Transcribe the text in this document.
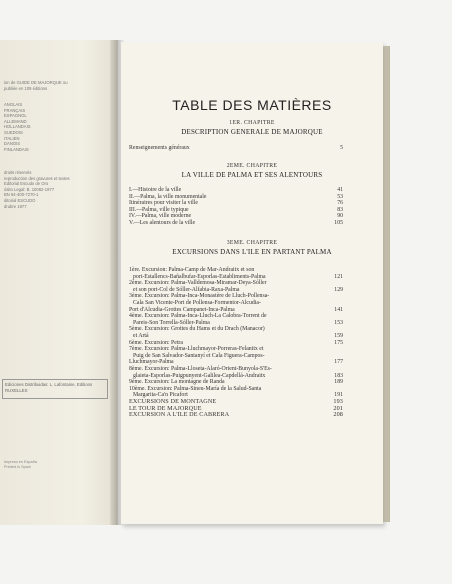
ion de GUIDE DE MAJORQUE ou
publiée en 109 éditions
ANGLAIS
FRANÇAIS
ESPAGNOL
ALLEMAND
HOLLANDAIS
SUEDOIS
ITALIEN
DANOIS
FINLANDAIS
droits réservés
reproduction des gravures et textes
Editorial Escudo de Oro
ósito Legal: B. 10082-1977
BN 84-400-7270-1
ditorial ESCUDO
drubre 1977
Ediciones Distribuidas: L. Lafontaine, Editions
RUXELLES
Impreso en España
Printed in Spain
TABLE DES MATIÈRES
1ER. CHAPITRE
DESCRIPTION GENERALE DE MAJORQUE
Renseignements généraux	5
2EME. CHAPITRE
LA VILLE DE PALMA ET SES ALENTOURS
I.—Histoire de la ville	41
II.—Palma, la ville monumentale	53
Itinéraires pour visiter la ville	76
III.—Palma, ville typique	83
IV.—Palma, ville moderne	90
V.—Les alentours de la ville	105
3EME. CHAPITRE
EXCURSIONS DANS L'ILE EN PARTANT PALMA
1ère. Excursion: Palma-Camp de Mar-Andraitx et son
port-Estallencs-Bañalbufar-Esporlas-Establiments-Palma	121
2ème. Excursion: Palma-Valldemosa-Miramar-Deya-Sóller
et son port-Col de Sóller-Alfabia-Raxa-Palma	129
3ème. Excursion: Palma-Inca-Monastère de Lluch-Pollensa-
Cala San Vicente-Port de Pollensa-Formentor-Alcudia-
Port d'Alcudia-Grottes Campanet-Inca-Palma	141
4ème. Excursion: Palma-Inca-Lluch-La Calobra-Torrent de
Pareis-Son Torrella-Sóller-Palma	153
5ème. Excursion: Grottes du Hams et du Drach (Manacor)
et Artá	159
6ème. Excursion: Petra	175
7ème. Excursion: Palma-Lluchmayor-Porreras-Felanitx et
Puig de San Salvador-Santanyí et Cala Figuera-Campos-
Lluchmayor-Palma	177
8ème. Excursion: Palma-Lloseta-Alaró-Orient-Bunyola-S'Es-
glaieta-Esporlas-Puigpunyent-Galilea-Capdellá-Andraitx	183
9ème. Excursion: La montagne de Randa	189
10ème. Excursion: Palma-Sineu-María de la Salud-Santa
Margarita-Ca'n Picafort	191
EXCURSIONS DE MONTAGNE	193
LE TOUR DE MAJORQUE	201
EXCURSION A L'ILE DE CABRERA	208
